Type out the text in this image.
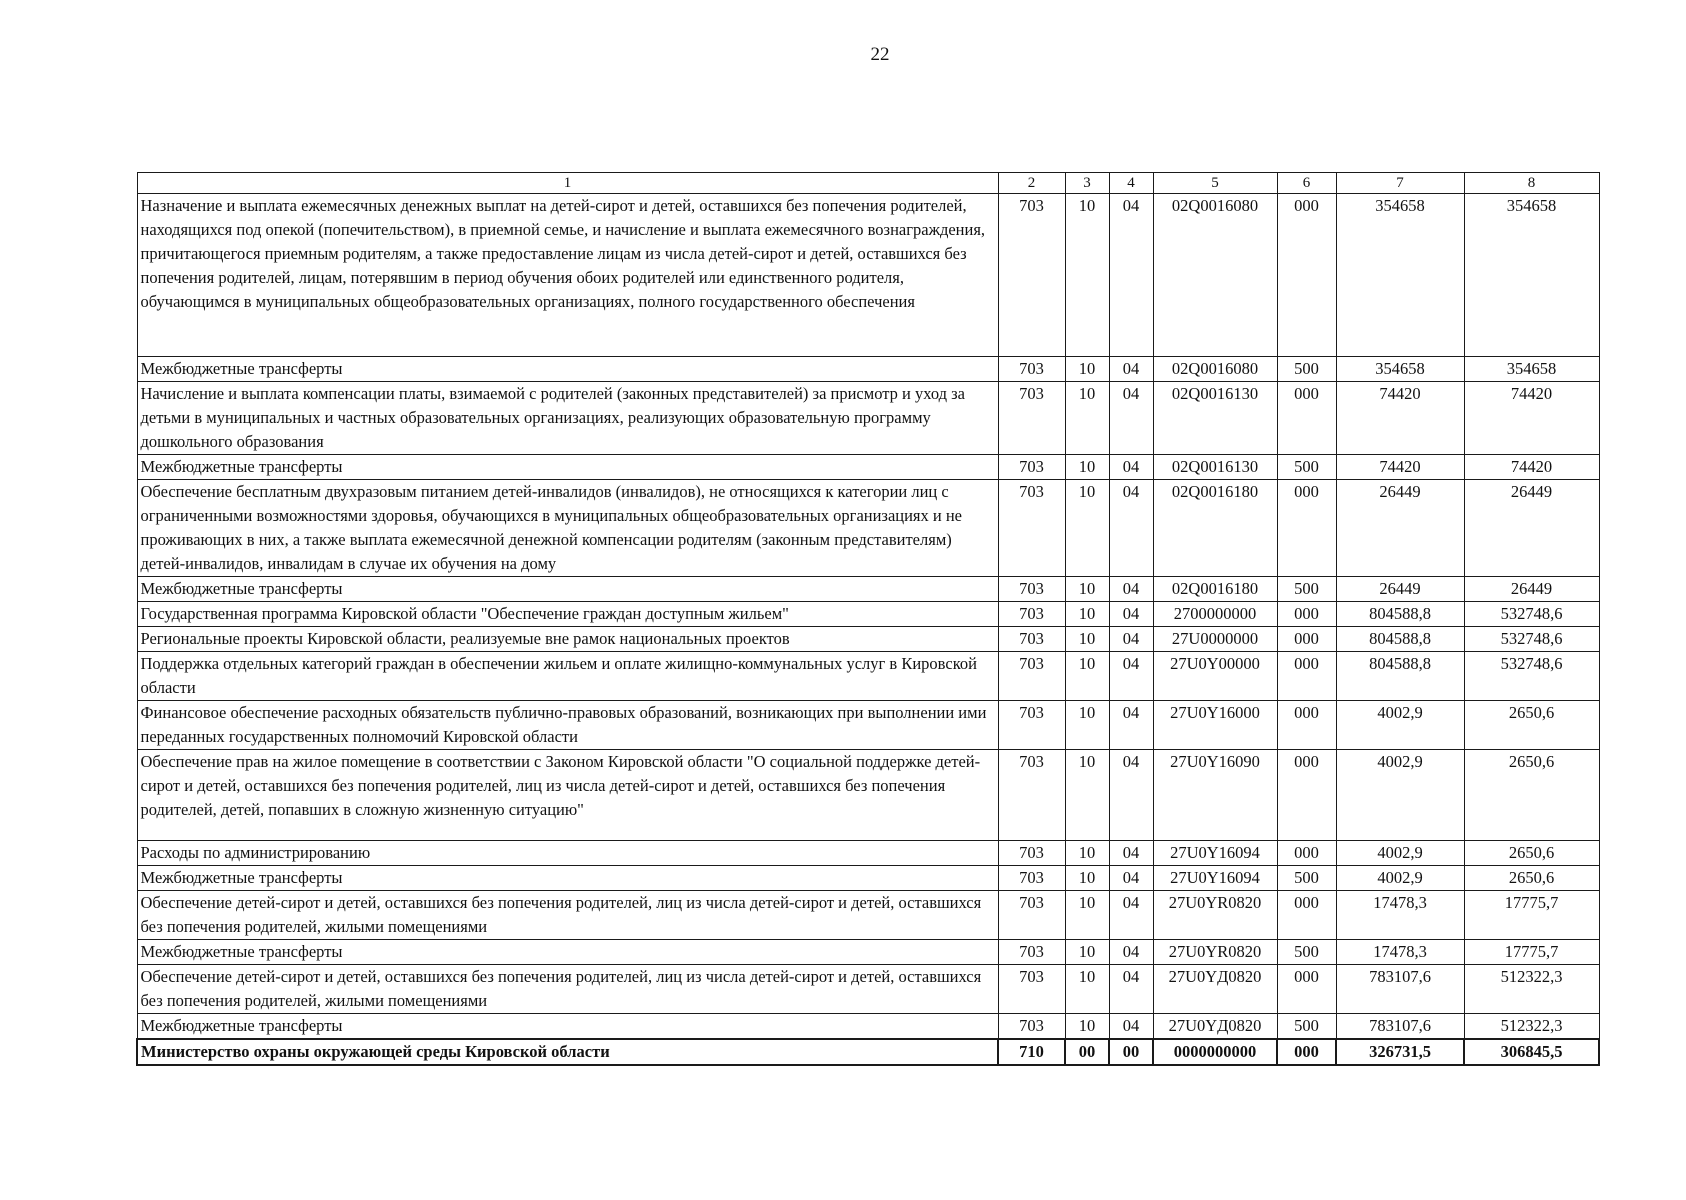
22
1	2	3	4	5	6	7	8
Назначение и выплата ежемесячных денежных выплат на детей-сирот и детей, оставшихся без попечения родителей, находящихся под опекой (попечительством), в приемной семье, и начисление и выплата ежемесячного вознаграждения, причитающегося приемным родителям, а также предоставление лицам из числа детей-сирот и детей, оставшихся без попечения родителей, лицам, потерявшим в период обучения обоих родителей или единственного родителя, обучающимся в муниципальных общеобразовательных организациях, полного государственного обеспечения	703	10	04	02Q0016080	000	354658	354658
Межбюджетные трансферты	703	10	04	02Q0016080	500	354658	354658
Начисление и выплата компенсации платы, взимаемой с родителей (законных представителей) за присмотр и уход за детьми в муниципальных и частных образовательных организациях, реализующих образовательную программу дошкольного образования	703	10	04	02Q0016130	000	74420	74420
Межбюджетные трансферты	703	10	04	02Q0016130	500	74420	74420
Обеспечение бесплатным двухразовым питанием детей-инвалидов (инвалидов), не относящихся к категории лиц с ограниченными возможностями здоровья, обучающихся в муниципальных общеобразовательных организациях и не проживающих в них, а также выплата ежемесячной денежной компенсации родителям (законным представителям) детей-инвалидов, инвалидам в случае их обучения на дому	703	10	04	02Q0016180	000	26449	26449
Межбюджетные трансферты	703	10	04	02Q0016180	500	26449	26449
Государственная программа Кировской области "Обеспечение граждан доступным жильем"	703	10	04	2700000000	000	804588,8	532748,6
Региональные проекты Кировской области, реализуемые вне рамок национальных проектов	703	10	04	27U0000000	000	804588,8	532748,6
Поддержка отдельных категорий граждан в обеспечении жильем и оплате жилищно-коммунальных услуг в Кировской области	703	10	04	27U0Y00000	000	804588,8	532748,6
Финансовое обеспечение расходных обязательств публично-правовых образований, возникающих при выполнении ими переданных государственных полномочий Кировской области	703	10	04	27U0Y16000	000	4002,9	2650,6
Обеспечение прав на жилое помещение в соответствии с Законом Кировской области "О социальной поддержке детей-сирот и детей, оставшихся без попечения родителей, лиц из числа детей-сирот и детей, оставшихся без попечения родителей, детей, попавших в сложную жизненную ситуацию"	703	10	04	27U0Y16090	000	4002,9	2650,6
Расходы по администрированию	703	10	04	27U0Y16094	000	4002,9	2650,6
Межбюджетные трансферты	703	10	04	27U0Y16094	500	4002,9	2650,6
Обеспечение детей-сирот и детей, оставшихся без попечения родителей, лиц из числа детей-сирот и детей, оставшихся без попечения родителей, жилыми помещениями	703	10	04	27U0YR0820	000	17478,3	17775,7
Межбюджетные трансферты	703	10	04	27U0YR0820	500	17478,3	17775,7
Обеспечение детей-сирот и детей, оставшихся без попечения родителей, лиц из числа детей-сирот и детей, оставшихся без попечения родителей, жилыми помещениями	703	10	04	27U0YД0820	000	783107,6	512322,3
Межбюджетные трансферты	703	10	04	27U0YД0820	500	783107,6	512322,3
Министерство охраны окружающей среды Кировской области	710	00	00	0000000000	000	326731,5	306845,5
